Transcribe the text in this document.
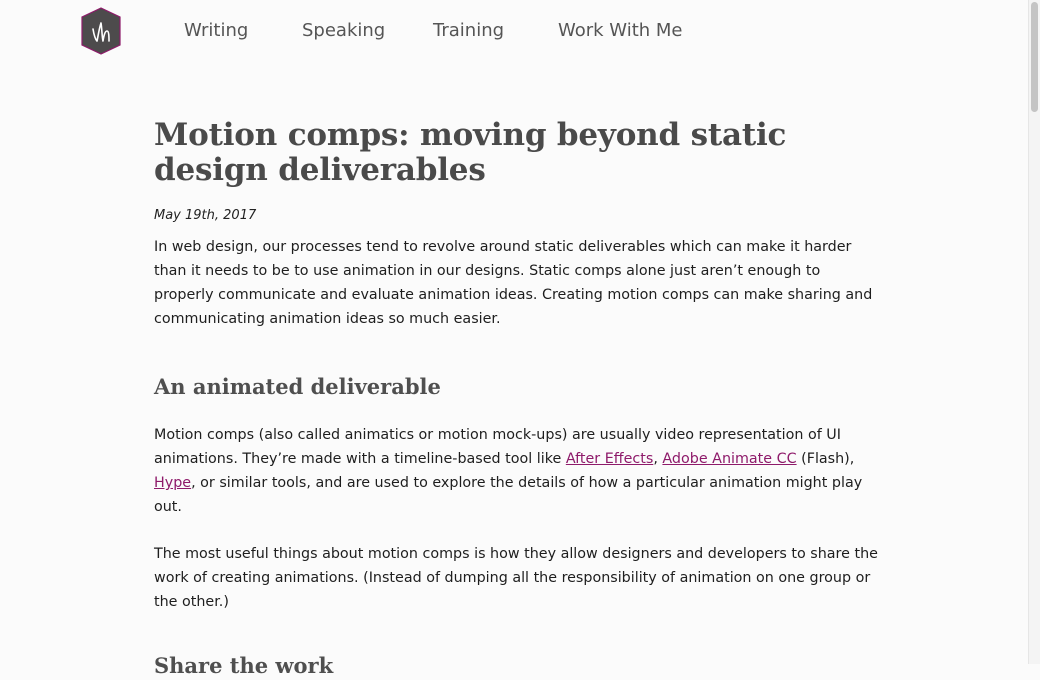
Writing	Speaking	Training	Work With Me
Motion comps: moving beyond static design deliverables
May 19th, 2017

In web design, our processes tend to revolve around static deliverables which can make it harder than it needs to be to use animation in our designs. Static comps alone just aren’t enough to properly communicate and evaluate animation ideas. Creating motion comps can make sharing and communicating animation ideas so much easier.

An animated deliverable

Motion comps (also called animatics or motion mock-ups) are usually video representation of UI animations. They’re made with a timeline-based tool like After Effects, Adobe Animate CC (Flash), Hype, or similar tools, and are used to explore the details of how a particular animation might play out.

The most useful things about motion comps is how they allow designers and developers to share the work of creating animations. (Instead of dumping all the responsibility of animation on one group or the other.)

Share the work
